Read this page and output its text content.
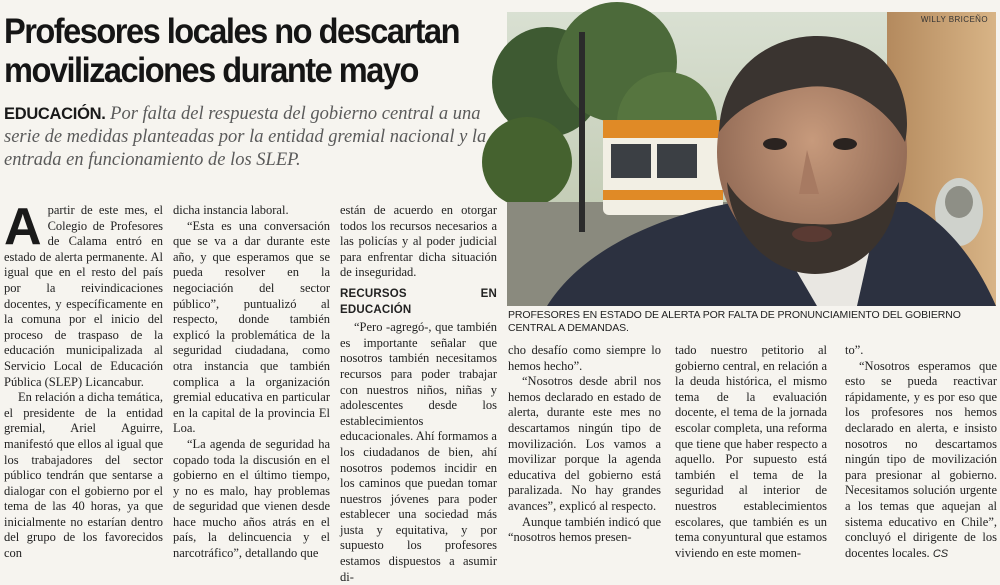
Profesores locales no descartan
movilizaciones durante mayo
EDUCACIÓN. Por falta del respuesta del gobierno central a una serie de medidas planteadas por la entidad gremial nacional y la entrada en funcionamiento de los SLEP.
WILLY BRICEÑO
PROFESORES EN ESTADO DE ALERTA POR FALTA DE PRONUNCIAMIENTO DEL GOBIERNO CENTRAL A DEMANDAS.
A partir de este mes, el Colegio de Profesores de Calama entró en estado de alerta permanente. Al igual que en el resto del país por la reivindicaciones docentes, y específicamente en la comuna por el inicio del proceso de traspaso de la educación municipalizada al Servicio Local de Educación Pública (SLEP) Licancabur.
En relación a dicha temática, el presidente de la entidad gremial, Ariel Aguirre, manifestó que ellos al igual que los trabajadores del sector público tendrán que sentarse a dialogar con el gobierno por el tema de las 40 horas, ya que inicialmente no estarían dentro del grupo de los favorecidos con
dicha instancia laboral.
“Esta es una conversación que se va a dar durante este año, y que esperamos que se pueda resolver en la negociación del sector público”, puntualizó al respecto, donde también explicó la problemática de la seguridad ciudadana, como otra instancia que también complica a la organización gremial educativa en particular en la capital de la provincia El Loa.
“La agenda de seguridad ha copado toda la discusión en el gobierno en el último tiempo, y no es malo, hay problemas de seguridad que vienen desde hace mucho años atrás en el país, la delincuencia y el narcotráfico”, detallando que
están de acuerdo en otorgar todos los recursos necesarios a las policías y al poder judicial para enfrentar dicha situación de inseguridad.
RECURSOS EN EDUCACIÓN
“Pero -agregó-, que también es importante señalar que nosotros también necesitamos recursos para poder trabajar con nuestros niños, niñas y adolescentes desde los establecimientos educacionales. Ahí formamos a los ciudadanos de bien, ahí nosotros podemos incidir en los caminos que puedan tomar nuestros jóvenes para poder establecer una sociedad más justa y equitativa, y por supuesto los profesores estamos dispuestos a asumir di-
cho desafío como siempre lo hemos hecho”.
“Nosotros desde abril nos hemos declarado en estado de alerta, durante este mes no descartamos ningún tipo de movilización. Los vamos a movilizar porque la agenda educativa del gobierno está paralizada. No hay grandes avances”, explicó al respecto.
Aunque también indicó que “nosotros hemos presen-
tado nuestro petitorio al gobierno central, en relación a la deuda histórica, el mismo tema de la evaluación docente, el tema de la jornada escolar completa, una reforma que tiene que haber respecto a aquello. Por supuesto está también el tema de la seguridad al interior de nuestros establecimientos escolares, que también es un tema conyuntural que estamos viviendo en este momen-
to”.
“Nosotros esperamos que esto se pueda reactivar rápidamente, y es por eso que los profesores nos hemos declarado en alerta, e insisto nosotros no descartamos ningún tipo de movilización para presionar al gobierno. Necesitamos solución urgente a los temas que aquejan al sistema educativo en Chile”, concluyó el dirigente de los docentes locales. CS
